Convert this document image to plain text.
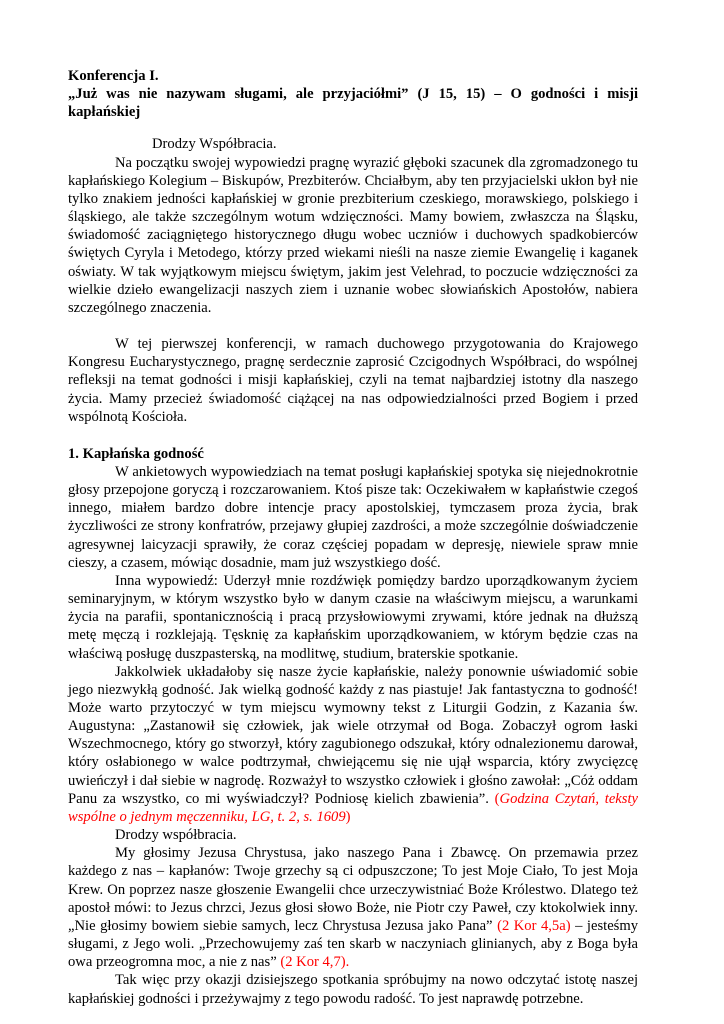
Konferencja I.
„Już was nie nazywam sługami, ale przyjaciółmi” (J 15, 15) – O godności i misji kapłańskiej
Drodzy Współbracia.

Na początku swojej wypowiedzi pragnę wyrazić głęboki szacunek dla zgromadzonego tu kapłańskiego Kolegium – Biskupów, Prezbiterów. Chciałbym, aby ten przyjacielski ukłon był nie tylko znakiem jedności kapłańskiej w gronie prezbiterium czeskiego, morawskiego, polskiego i śląskiego, ale także szczególnym wotum wdzięczności. Mamy bowiem, zwłaszcza na Śląsku, świadomość zaciągniętego historycznego długu wobec uczniów i duchowych spadkobierców świętych Cyryla i Metodego, którzy przed wiekami nieśli na nasze ziemie Ewangelię i kaganek oświaty. W tak wyjątkowym miejscu świętym, jakim jest Velehrad, to poczucie wdzięczności za wielkie dzieło ewangelizacji naszych ziem i uznanie wobec słowiańskich Apostołów, nabiera szczególnego znaczenia.

W tej pierwszej konferencji, w ramach duchowego przygotowania do Krajowego Kongresu Eucharystycznego, pragnę serdecznie zaprosić Czcigodnych Współbraci, do wspólnej refleksji na temat godności i misji kapłańskiej, czyli na temat najbardziej istotny dla naszego życia. Mamy przecież świadomość ciążącej na nas odpowiedzialności przed Bogiem i przed wspólnotą Kościoła.

1. Kapłańska godność

W ankietowych wypowiedziach na temat posługi kapłańskiej spotyka się niejednokrotnie głosy przepojone goryczą i rozczarowaniem. Ktoś pisze tak: Oczekiwałem w kapłaństwie czegoś innego, miałem bardzo dobre intencje pracy apostolskiej, tymczasem proza życia, brak życzliwości ze strony konfratrów, przejawy głupiej zazdrości, a może szczególnie doświadczenie agresywnej laicyzacji sprawiły, że coraz częściej popadam w depresję, niewiele spraw mnie cieszy, a czasem, mówiąc dosadnie, mam już wszystkiego dość.

Inna wypowiedź: Uderzył mnie rozdźwięk pomiędzy bardzo uporządkowanym życiem seminaryjnym, w którym wszystko było w danym czasie na właściwym miejscu, a warunkami życia na parafii, spontanicznością i pracą przysłowiowymi zrywami, które jednak na dłuższą metę męczą i rozklejają. Tęsknię za kapłańskim uporządkowaniem, w którym będzie czas na właściwą posługę duszpasterską, na modlitwę, studium, braterskie spotkanie.

Jakkolwiek układałoby się nasze życie kapłańskie, należy ponownie uświadomić sobie jego niezwykłą godność. Jak wielką godność każdy z nas piastuje! Jak fantastyczna to godność! Może warto przytoczyć w tym miejscu wymowny tekst z Liturgii Godzin, z Kazania św. Augustyna: „Zastanowił się człowiek, jak wiele otrzymał od Boga. Zobaczył ogrom łaski Wszechmocnego, który go stworzył, który zagubionego odszukał, który odnalezionemu darował, który osłabionego w walce podtrzymał, chwiejącemu się nie ujął wsparcia, który zwycięzcę uwieńczył i dał siebie w nagrodę. Rozważył to wszystko człowiek i głośno zawołał: „Cóż oddam Panu za wszystko, co mi wyświadczył? Podniosę kielich zbawienia”. (Godzina Czytań, teksty wspólne o jednym męczenniku, LG, t. 2, s. 1609)

Drodzy współbracia.

My głosimy Jezusa Chrystusa, jako naszego Pana i Zbawcę. On przemawia przez każdego z nas – kapłanów: Twoje grzechy są ci odpuszczone; To jest Moje Ciało, To jest Moja Krew. On poprzez nasze głoszenie Ewangelii chce urzeczywistniać Boże Królestwo. Dlatego też apostoł mówi: to Jezus chrzci, Jezus głosi słowo Boże, nie Piotr czy Paweł, czy ktokolwiek inny. „Nie głosimy bowiem siebie samych, lecz Chrystusa Jezusa jako Pana” (2 Kor 4,5a) – jesteśmy sługami, z Jego woli. „Przechowujemy zaś ten skarb w naczyniach glinianych, aby z Boga była owa przeogromna moc, a nie z nas” (2 Kor 4,7).

Tak więc przy okazji dzisiejszego spotkania spróbujmy na nowo odczytać istotę naszej kapłańskiej godności i przeżywajmy z tego powodu radość. To jest naprawdę potrzebne.
